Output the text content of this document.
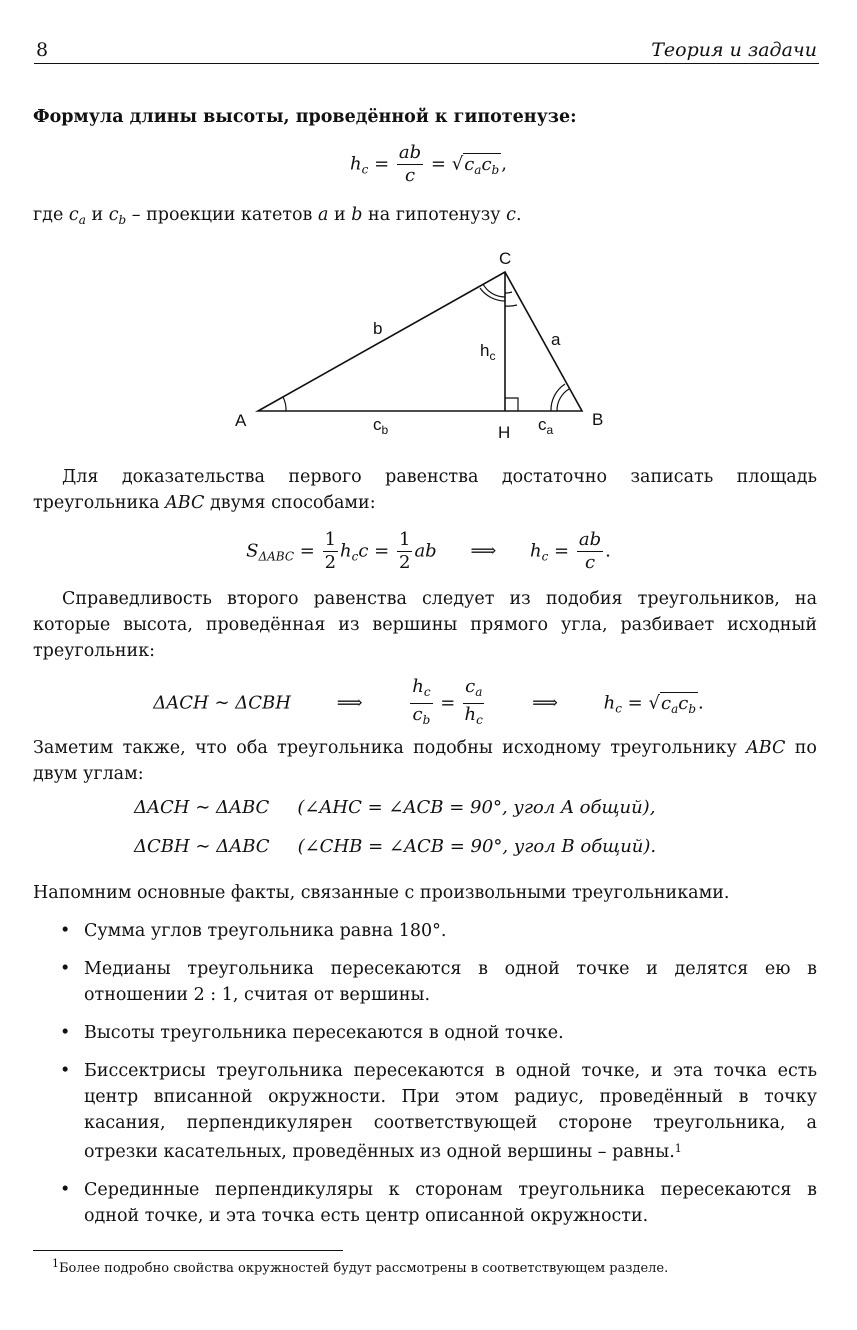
8	Теория и задачи
Формула длины высоты, проведённой к гипотенузе:
$h_c = \frac{ab}{c} = √c_ac_b$ ,
где $c_a$ и $c_b$ – проекции катетов a и b на гипотенузу c.
C
A	B
H
b
a
$h_c$
$c_b$	$c_a$
Для доказательства первого равенства достаточно записать площадь треугольника ABC двумя способами:
$S_{\Delta ABC} = \frac{1}{2} h_cc = \frac{1}{2}$ ab ⟹ $h_c = \frac{ab}{c}$ .
Справедливость второго равенства следует из подобия треугольников, на которые высота, проведённая из вершины прямого угла, разбивает исходный треугольник:
ΔACH ∼ ΔCBH	⟹	$\frac{h_c}{c_b} = \frac{c_a}{h_c}$	⟹	$h_c = √c_ac_b$ .
Заметим также, что оба треугольника подобны исходному треугольнику ABC по двум углам:
ΔACH ∼ ΔABC (∠AHC = ∠ACB = 90°, угол A общий),
ΔCBH ∼ ΔABC (∠CHB = ∠ACB = 90°, угол B общий).
Напомним основные факты, связанные с произвольными треугольниками.
• Сумма углов треугольника равна 180°.
• Медианы треугольника пересекаются в одной точке и делятся ею в отношении 2 : 1, считая от вершины.
• Высоты треугольника пересекаются в одной точке.
• Биссектрисы треугольника пересекаются в одной точке, и эта точка есть центр вписанной окружности. При этом радиус, проведённый в точку касания, перпендикулярен соответствующей стороне треугольника, а отрезки касательных, проведённых из одной вершины – равны.$^1$
• Серединные перпендикуляры к сторонам треугольника пересекаются в одной точке, и эта точка есть центр описанной окружности.
$^1$Более подробно свойства окружностей будут рассмотрены в соответствующем разделе.
